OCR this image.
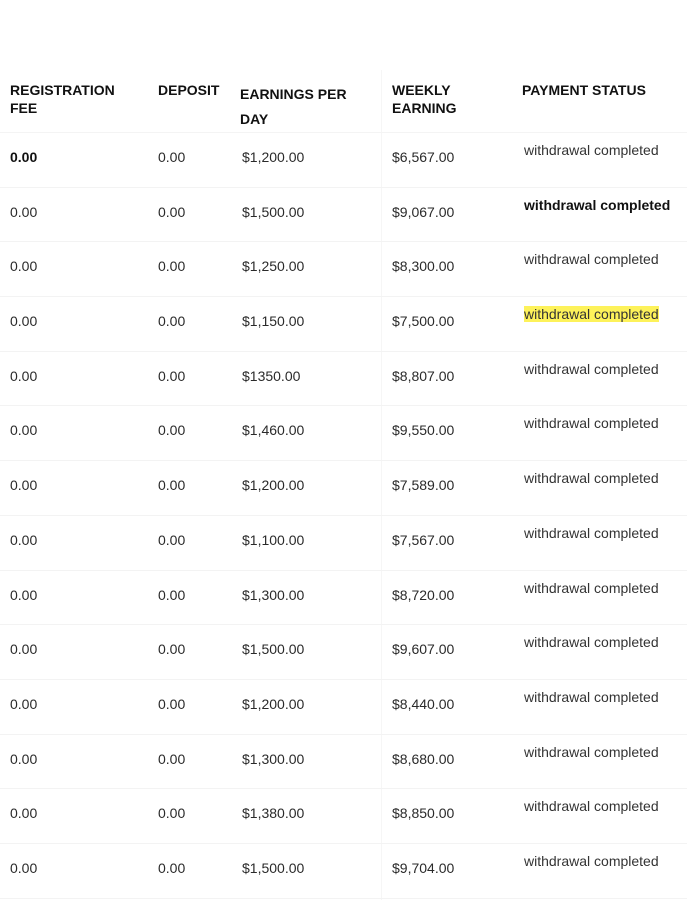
REGISTRATION FEE	DEPOSIT	EARNINGS PER DAY	WEEKLY EARNING	PAYMENT STATUS
0.00	0.00	$1,200.00	$6,567.00	withdrawal completed
0.00	0.00	$1,500.00	$9,067.00	withdrawal completed
0.00	0.00	$1,250.00	$8,300.00	withdrawal completed
0.00	0.00	$1,150.00	$7,500.00	withdrawal completed
0.00	0.00	$1350.00	$8,807.00	withdrawal completed
0.00	0.00	$1,460.00	$9,550.00	withdrawal completed
0.00	0.00	$1,200.00	$7,589.00	withdrawal completed
0.00	0.00	$1,100.00	$7,567.00	withdrawal completed
0.00	0.00	$1,300.00	$8,720.00	withdrawal completed
0.00	0.00	$1,500.00	$9,607.00	withdrawal completed
0.00	0.00	$1,200.00	$8,440.00	withdrawal completed
0.00	0.00	$1,300.00	$8,680.00	withdrawal completed
0.00	0.00	$1,380.00	$8,850.00	withdrawal completed
0.00	0.00	$1,500.00	$9,704.00	withdrawal completed
